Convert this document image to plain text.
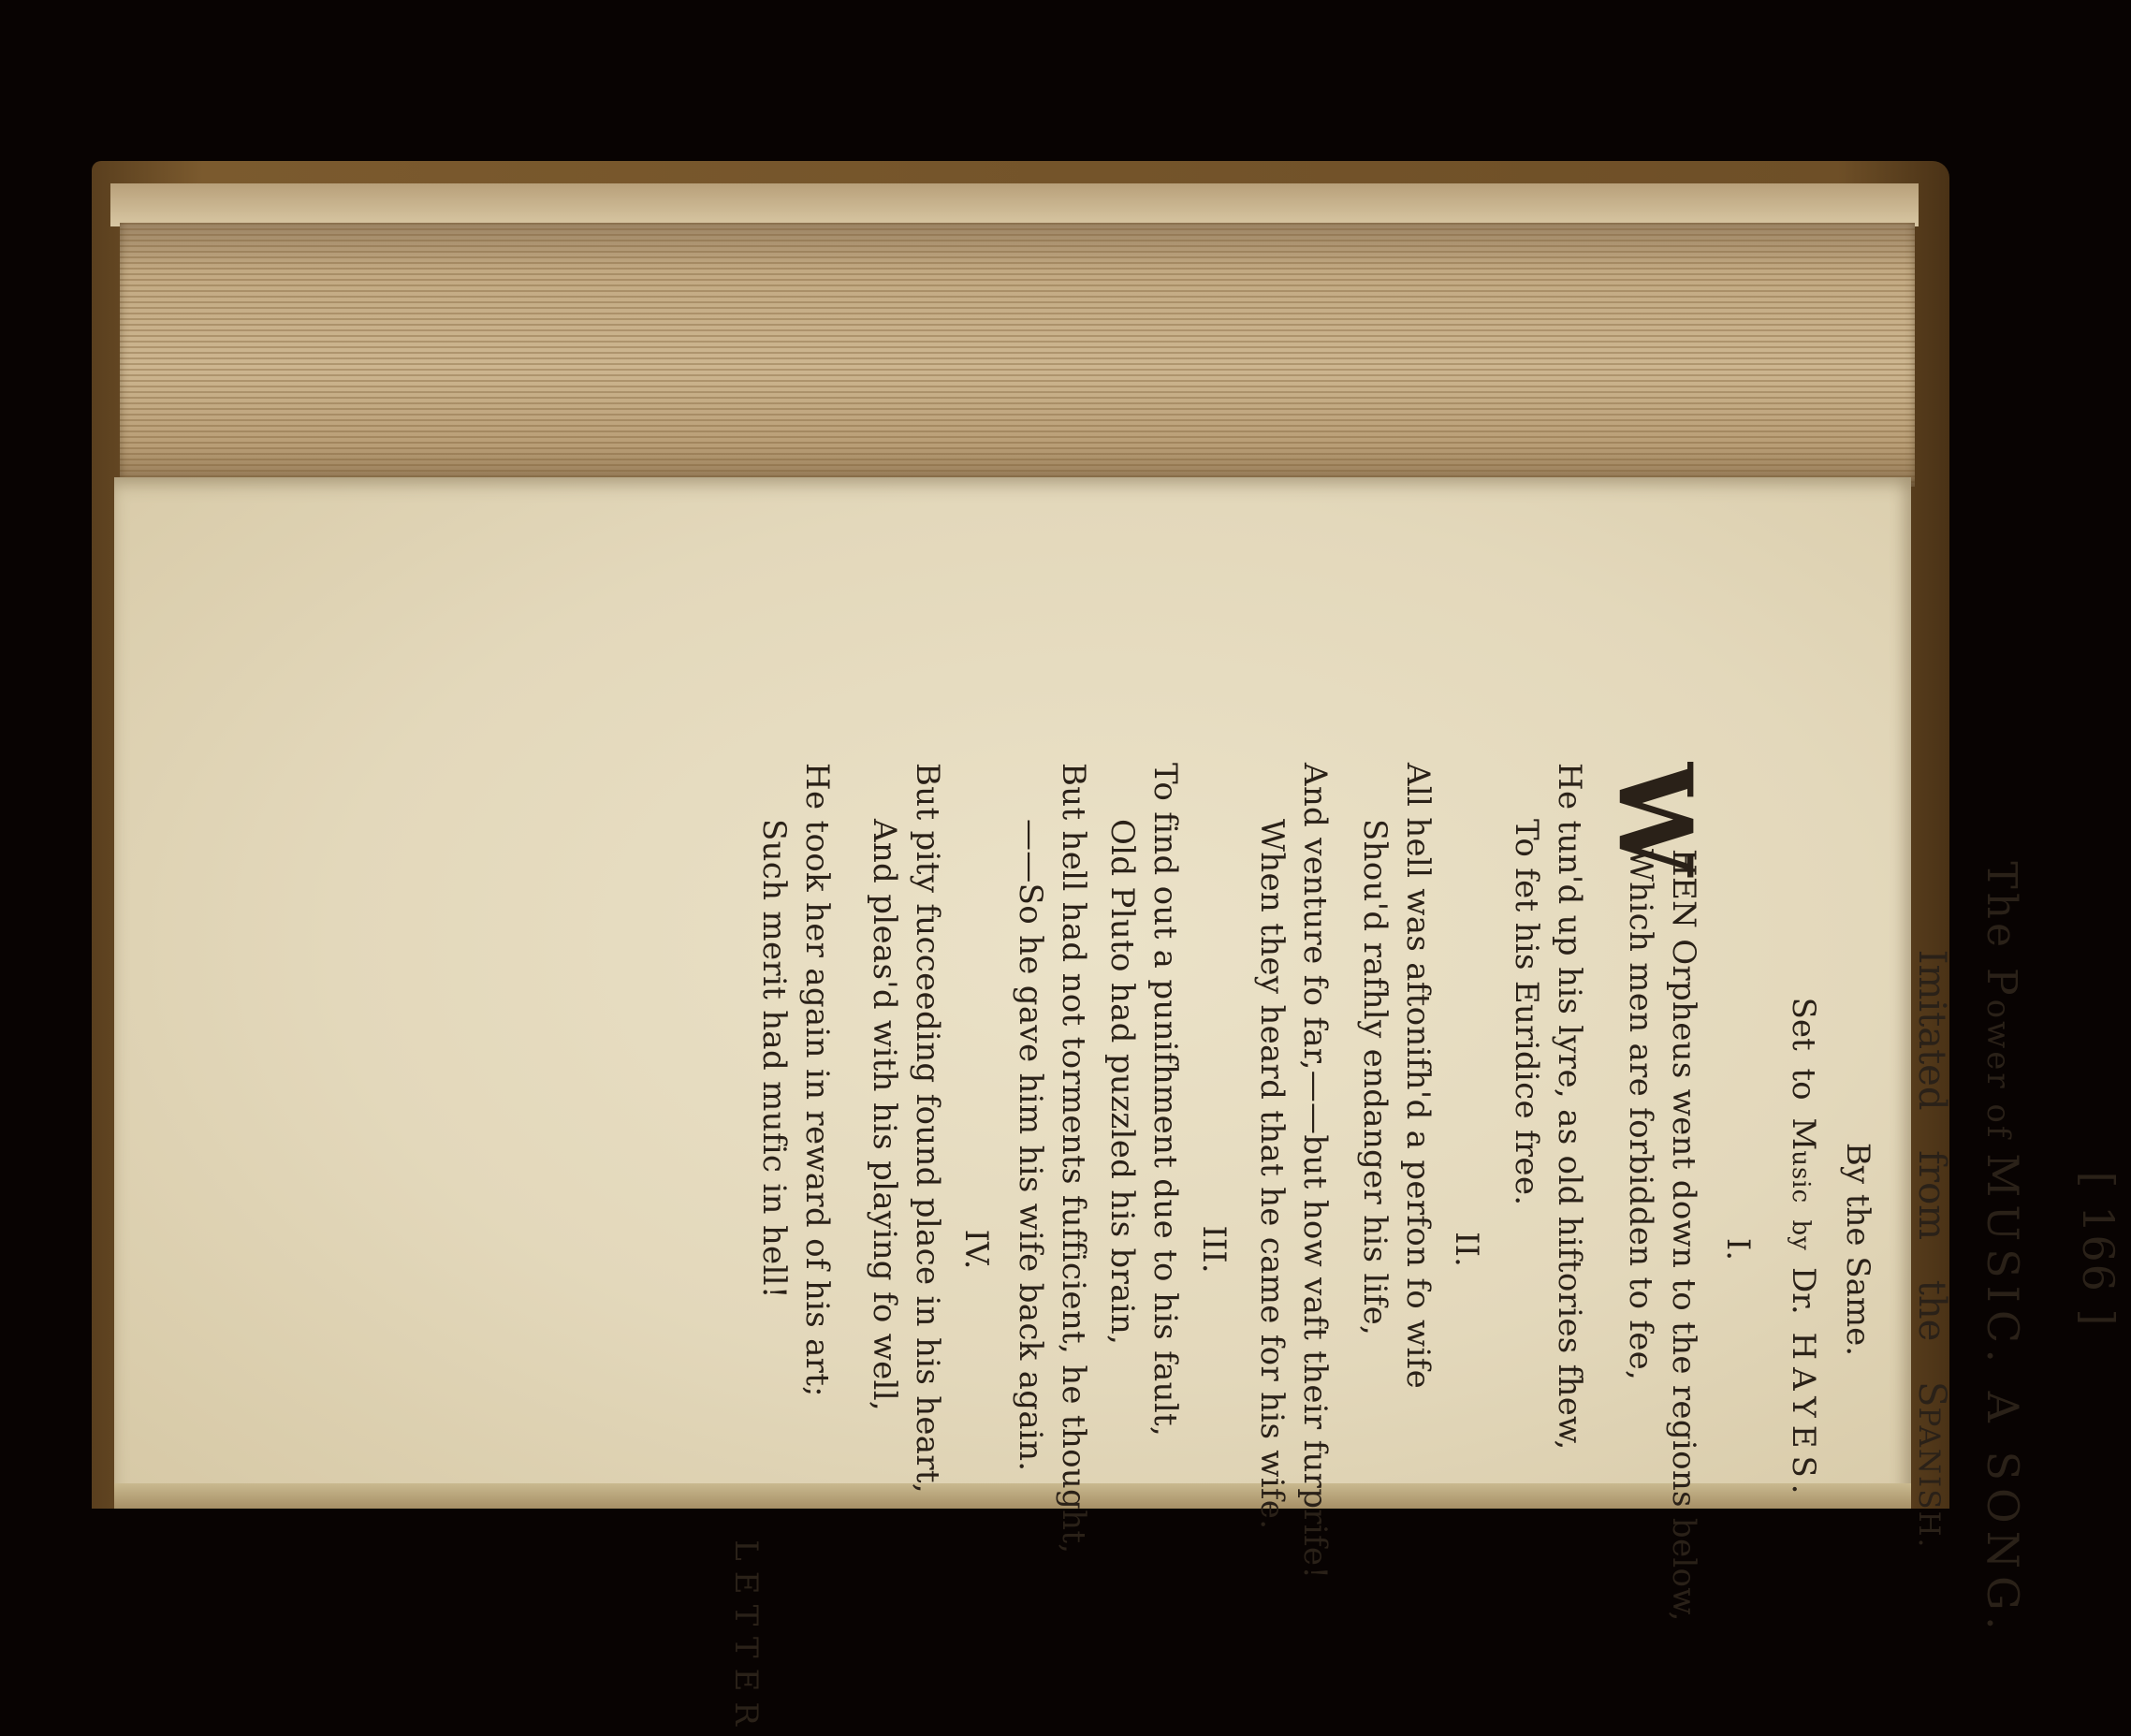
[ 166 ]
The Power of MUSIC. A SONG.
Imitated from the SPANISH.
By the Same.
Set to Music by Dr. HAYES.
I.
W
HEN Orpheus went down to the regions below,
Which men are forbidden to fee,
He tun'd up his lyre, as old hiftories fhew,
To fet his Euridice free.
II.
All hell was aftonifh'd a perfon fo wife
Shou'd rafhly endanger his life,
And venture fo far,——but how vaft their furprife!
When they heard that he came for his wife.
III.
To find out a punifhment due to his fault,
Old Pluto had puzzled his brain,
But hell had not torments fufficient, he thought,
——So he gave him his wife back again.
IV.
But pity fucceeding found place in his heart,
And pleas'd with his playing fo well,
He took her again in reward of his art;
Such merit had mufic in hell!
LETTER
